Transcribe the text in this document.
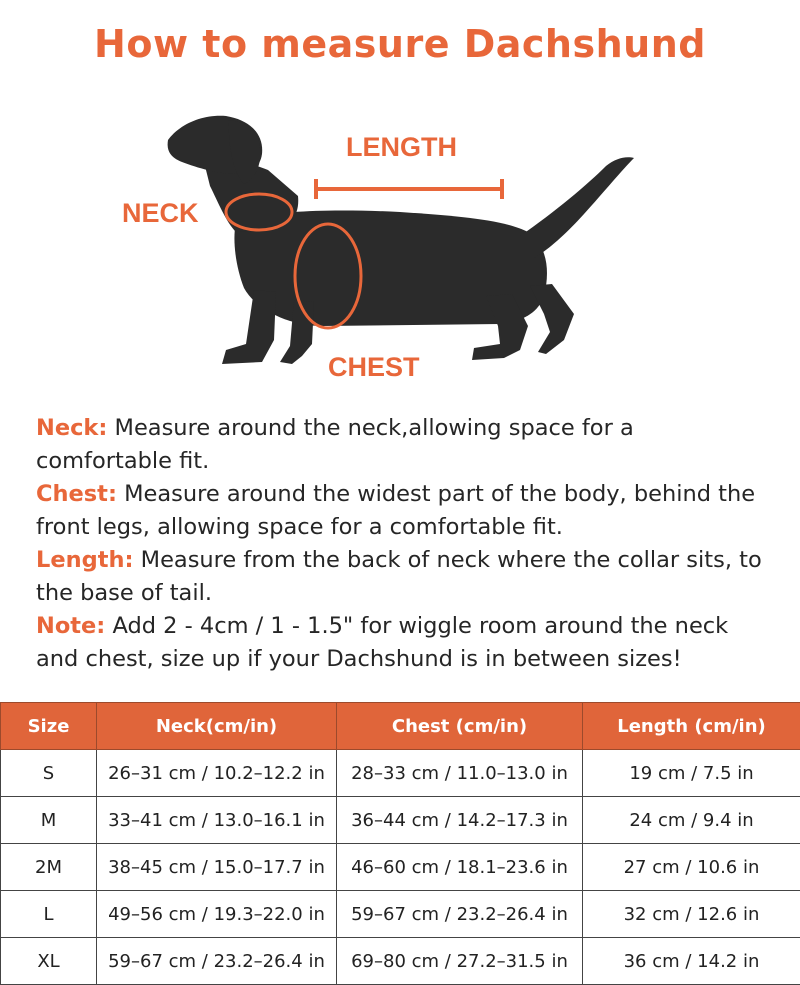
How to measure Dachshund
NECK
LENGTH
CHEST

Neck: Measure around the neck,allowing space for a comfortable fit.

Chest: Measure around the widest part of the body, behind the front legs, allowing space for a comfortable fit.

Length: Measure from the back of neck where the collar sits, to the base of tail.

Note: Add 2 - 4cm / 1 - 1.5" for wiggle room around the neck and chest, size up if your Dachshund is in between sizes!

Size	Neck(cm/in)	Chest (cm/in)	Length (cm/in)
S	26–31 cm / 10.2–12.2 in	28–33 cm / 11.0–13.0 in	19 cm / 7.5 in
M	33–41 cm / 13.0–16.1 in	36–44 cm / 14.2–17.3 in	24 cm / 9.4 in
2M	38–45 cm / 15.0–17.7 in	46–60 cm / 18.1–23.6 in	27 cm / 10.6 in
L	49–56 cm / 19.3–22.0 in	59–67 cm / 23.2–26.4 in	32 cm / 12.6 in
XL	59–67 cm / 23.2–26.4 in	69–80 cm / 27.2–31.5 in	36 cm / 14.2 in
